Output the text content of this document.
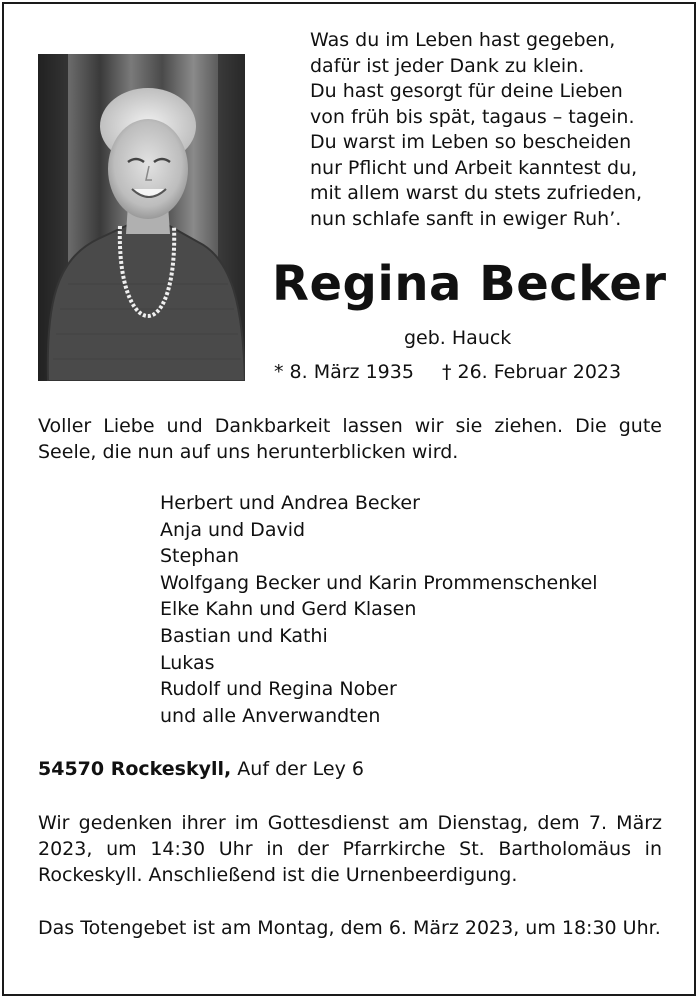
Was du im Leben hast gegeben,
dafür ist jeder Dank zu klein.
Du hast gesorgt für deine Lieben
von früh bis spät, tagaus – tagein.
Du warst im Leben so bescheiden
nur Pflicht und Arbeit kanntest du,
mit allem warst du stets zufrieden,
nun schlafe sanft in ewiger Ruh’.
Regina Becker
geb. Hauck
* 8. März 1935 † 26. Februar 2023
Voller Liebe und Dankbarkeit lassen wir sie ziehen. Die gute Seele, die nun auf uns herunterblicken wird.
Herbert und Andrea Becker
Anja und David
Stephan
Wolfgang Becker und Karin Prommenschenkel
Elke Kahn und Gerd Klasen
Bastian und Kathi
Lukas
Rudolf und Regina Nober
und alle Anverwandten
54570 Rockeskyll, Auf der Ley 6
Wir gedenken ihrer im Gottesdienst am Dienstag, dem 7. März 2023, um 14:30 Uhr in der Pfarrkirche St. Bartholomäus in Rockeskyll. Anschließend ist die Urnenbeerdigung.
Das Totengebet ist am Montag, dem 6. März 2023, um 18:30 Uhr.
